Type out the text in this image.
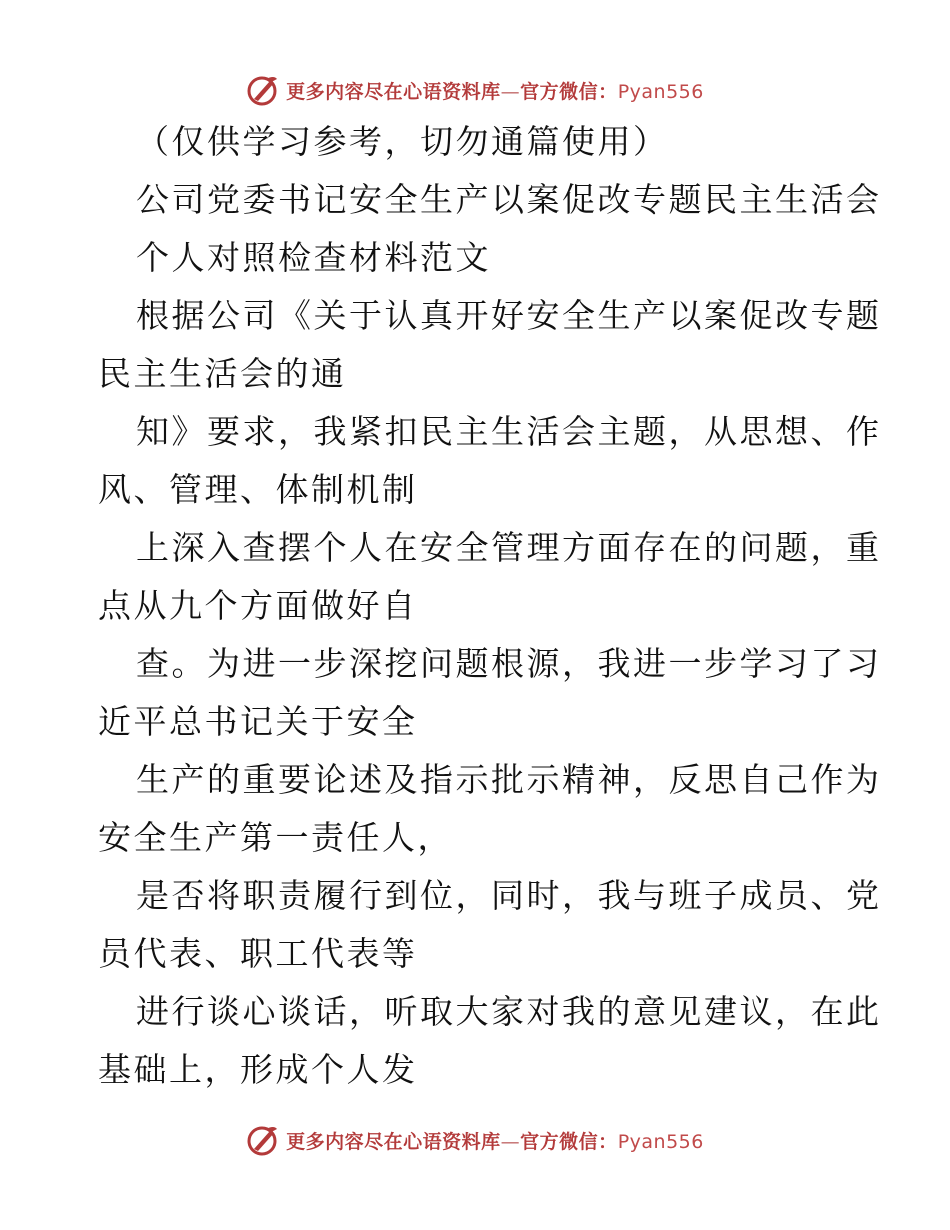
更多内容尽在心语资料库—官方微信：Pyan556
（仅供学习参考，切勿通篇使用）
公司党委书记安全生产以案促改专题民主生活会
个人对照检查材料范文
根据公司《关于认真开好安全生产以案促改专题
民主生活会的通
知》要求，我紧扣民主生活会主题，从思想、作
风、管理、体制机制
上深入查摆个人在安全管理方面存在的问题，重
点从九个方面做好自
查。为进一步深挖问题根源，我进一步学习了习
近平总书记关于安全
生产的重要论述及指示批示精神，反思自己作为
安全生产第一责任人，
是否将职责履行到位，同时，我与班子成员、党
员代表、职工代表等
进行谈心谈话，听取大家对我的意见建议，在此
基础上，形成个人发
更多内容尽在心语资料库—官方微信：Pyan556
